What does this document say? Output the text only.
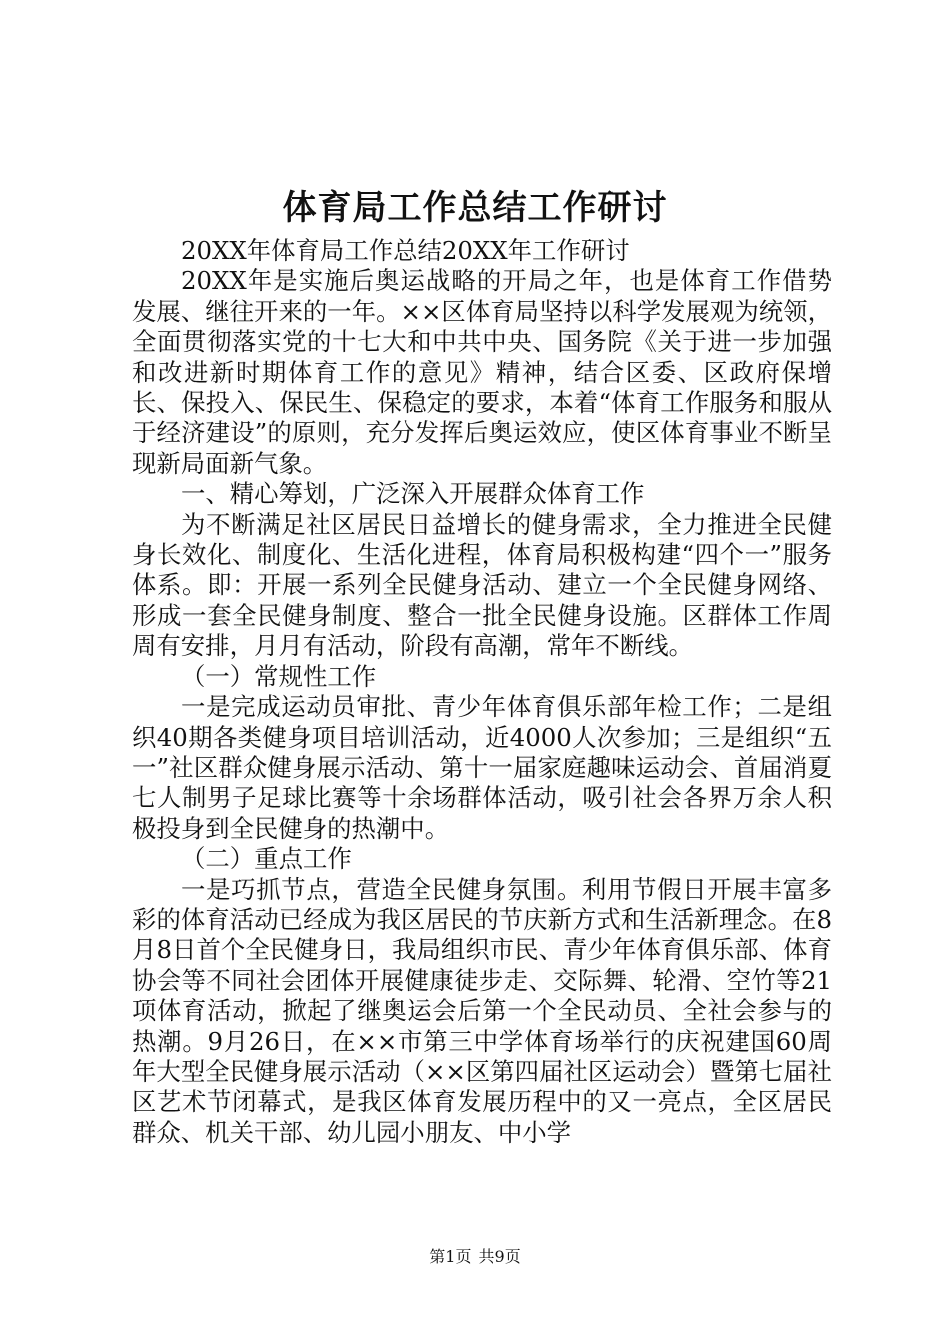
体育局工作总结工作研讨

20XX年体育局工作总结20XX年工作研讨

20XX年是实施后奥运战略的开局之年，也是体育工作借势发展、继往开来的一年。××区体育局坚持以科学发展观为统领，全面贯彻落实党的十七大和中共中央、国务院《关于进一步加强和改进新时期体育工作的意见》精神，结合区委、区政府保增长、保投入、保民生、保稳定的要求，本着“体育工作服务和服从于经济建设”的原则，充分发挥后奥运效应，使区体育事业不断呈现新局面新气象。

一、精心筹划，广泛深入开展群众体育工作

为不断满足社区居民日益增长的健身需求，全力推进全民健身长效化、制度化、生活化进程，体育局积极构建“四个一”服务体系。即：开展一系列全民健身活动、建立一个全民健身网络、形成一套全民健身制度、整合一批全民健身设施。区群体工作周周有安排，月月有活动，阶段有高潮，常年不断线。

（一）常规性工作

一是完成运动员审批、青少年体育俱乐部年检工作；二是组织40期各类健身项目培训活动，近4000人次参加；三是组织“五一”社区群众健身展示活动、第十一届家庭趣味运动会、首届消夏七人制男子足球比赛等十余场群体活动，吸引社会各界万余人积极投身到全民健身的热潮中。

（二）重点工作

一是巧抓节点，营造全民健身氛围。利用节假日开展丰富多彩的体育活动已经成为我区居民的节庆新方式和生活新理念。在8月8日首个全民健身日，我局组织市民、青少年体育俱乐部、体育协会等不同社会团体开展健康徒步走、交际舞、轮滑、空竹等21项体育活动，掀起了继奥运会后第一个全民动员、全社会参与的热潮。9月26日，在××市第三中学体育场举行的庆祝建国60周年大型全民健身展示活动（××区第四届社区运动会）暨第七届社区艺术节闭幕式，是我区体育发展历程中的又一亮点，全区居民群众、机关干部、幼儿园小朋友、中小学

第1页 共9页
